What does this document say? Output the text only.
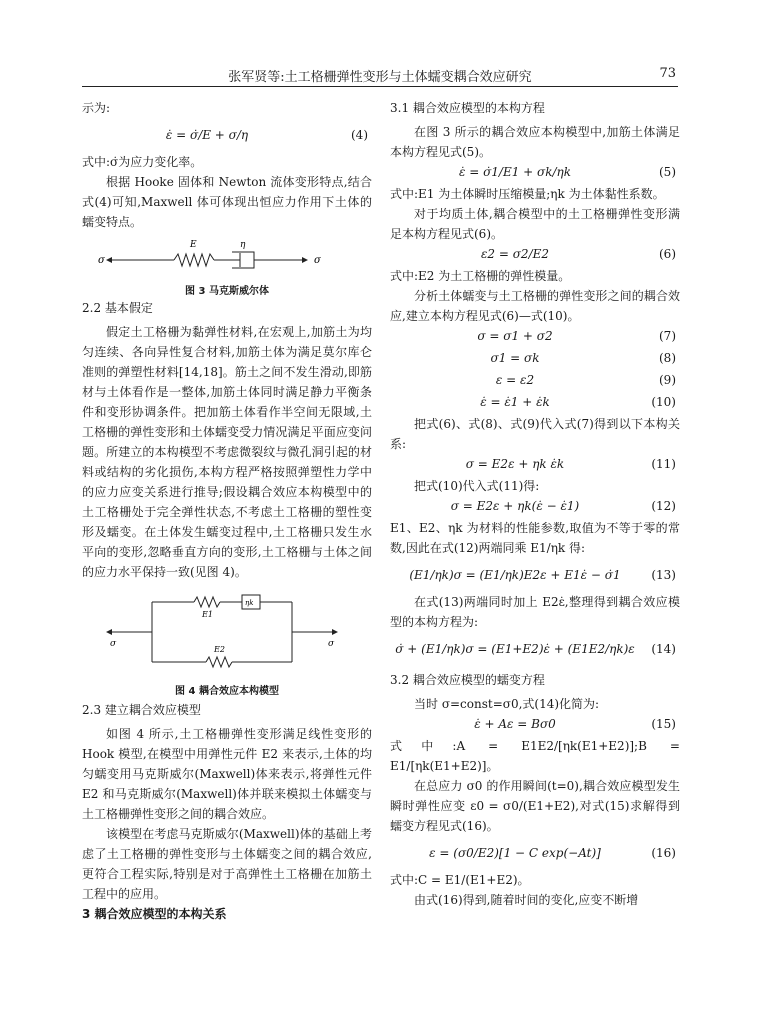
张军贤等:土工格栅弹性变形与土体蠕变耦合效应研究	73

示为:

ε̇ = σ̇/E + σ/η	(4)

式中:σ̇为应力变化率。

根据 Hooke 固体和 Newton 流体变形特点,结合式(4)可知,Maxwell 体可体现出恒应力作用下土体的蠕变特点。

σ
E	η
σ
图 3 马克斯威尔体

2.2 基本假定

假定土工格栅为黏弹性材料,在宏观上,加筋土为均匀连续、各向异性复合材料,加筋土体为满足莫尔库仑准则的弹塑性材料[14,18]。筋土之间不发生滑动,即筋材与土体看作是一整体,加筋土体同时满足静力平衡条件和变形协调条件。把加筋土体看作半空间无限域,土工格栅的弹性变形和土体蠕变受力情况满足平面应变问题。所建立的本构模型不考虑微裂纹与微孔洞引起的材料或结构的劣化损伤,本构方程严格按照弹塑性力学中的应力应变关系进行推导;假设耦合效应本构模型中的土工格栅处于完全弹性状态,不考虑土工格栅的塑性变形及蠕变。在土体发生蠕变过程中,土工格栅只发生水平向的变形,忽略垂直方向的变形,土工格栅与土体之间的应力水平保持一致(见图 4)。

E1
ηk
E2
σ	σ
图 4 耦合效应本构模型

2.3 建立耦合效应模型

如图 4 所示,土工格栅弹性变形满足线性变形的 Hook 模型,在模型中用弹性元件 E2 来表示,土体的均匀蠕变用马克斯威尔(Maxwell)体来表示,将弹性元件 E2 和马克斯威尔(Maxwell)体并联来模拟土体蠕变与土工格栅弹性变形之间的耦合效应。

该模型在考虑马克斯威尔(Maxwell)体的基础上考虑了土工格栅的弹性变形与土体蠕变之间的耦合效应,更符合工程实际,特别是对于高弹性土工格栅在加筋土工程中的应用。

3 耦合效应模型的本构关系

3.1 耦合效应模型的本构方程

在图 3 所示的耦合效应本构模型中,加筋土体满足本构方程见式(5)。

ε̇ = σ̇1/E1 + σk/ηk	(5)

式中:E1 为土体瞬时压缩模量;ηk 为土体黏性系数。

对于均质土体,耦合模型中的土工格栅弹性变形满足本构方程见式(6)。

ε2 = σ2/E2	(6)

式中:E2 为土工格栅的弹性模量。

分析土体蠕变与土工格栅的弹性变形之间的耦合效应,建立本构方程见式(6)—式(10)。

σ = σ1 + σ2	(7)
σ1 = σk	(8)
ε = ε2	(9)
ε̇ = ε̇1 + ε̇k	(10)

把式(6)、式(8)、式(9)代入式(7)得到以下本构关系:

σ = E2ε + ηk ε̇k	(11)

把式(10)代入式(11)得:

σ = E2ε + ηk(ε̇ − ε̇1)	(12)

E1、E2、ηk 为材料的性能参数,取值为不等于零的常数,因此在式(12)两端同乘 E1/ηk 得:

(E1/ηk)σ = (E1/ηk)E2ε + E1ε̇ − σ̇1	(13)

在式(13)两端同时加上 E2ε̇,整理得到耦合效应模型的本构方程为:

σ̇ + (E1/ηk)σ = (E1+E2)ε̇ + (E1E2/ηk)ε	(14)

3.2 耦合效应模型的蠕变方程

当时 σ=const=σ0,式(14)化简为:

ε̇ + Aε = Bσ0	(15)

式中:A = E1E2/[ηk(E1+E2)];B = E1/[ηk(E1+E2)]。

在总应力 σ0 的作用瞬间(t=0),耦合效应模型发生瞬时弹性应变 ε0 = σ0/(E1+E2),对式(15)求解得到蠕变方程见式(16)。

ε = (σ0/E2)[1 − C exp(−At)]	(16)

式中:C = E1/(E1+E2)。

由式(16)得到,随着时间的变化,应变不断增
